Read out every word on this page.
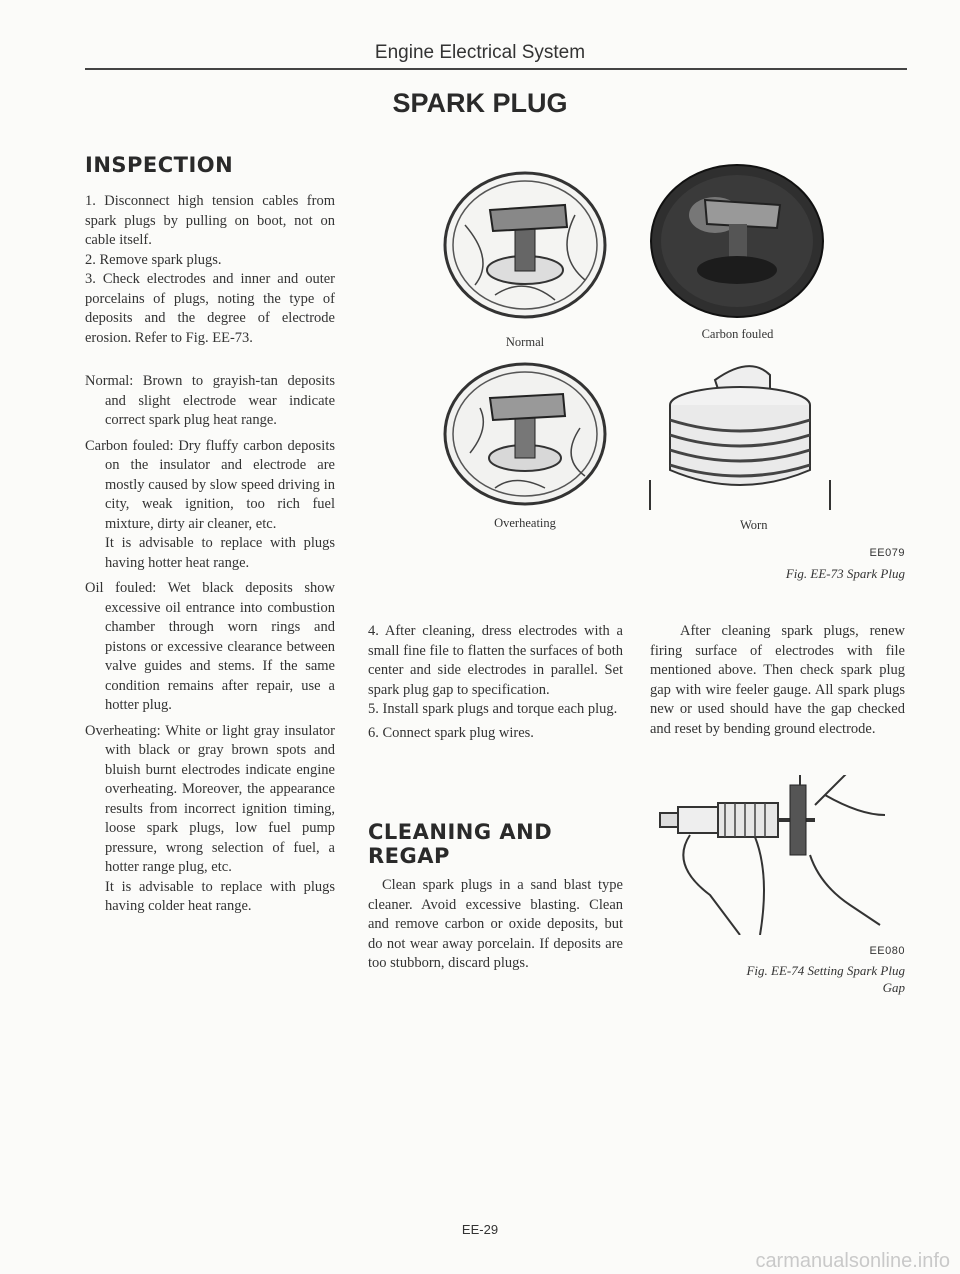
Engine Electrical System
SPARK PLUG
INSPECTION

1. Disconnect high tension cables from spark plugs by pulling on boot, not on cable itself.

2. Remove spark plugs.

3. Check electrodes and inner and outer porcelains of plugs, noting the type of deposits and the degree of electrode erosion. Refer to Fig. EE-73.

Normal: Brown to grayish-tan deposits and slight electrode wear indicate correct spark plug heat range.

Carbon fouled: Dry fluffy carbon deposits on the insulator and electrode are mostly caused by slow speed driving in city, weak ignition, too rich fuel mixture, dirty air cleaner, etc.

It is advisable to replace with plugs having hotter heat range.

Oil fouled: Wet black deposits show excessive oil entrance into combustion chamber through worn rings and pistons or excessive clearance between valve guides and stems. If the same condition remains after repair, use a hotter plug.

Overheating: White or light gray insulator with black or gray brown spots and bluish burnt electrodes indicate engine overheating. Moreover, the appearance results from incorrect ignition timing, loose spark plugs, low fuel pump pressure, wrong selection of fuel, a hotter range plug, etc.

It is advisable to replace with plugs having colder heat range.

Normal
Carbon fouled
Overheating	Worn
EE079
Fig. EE-73 Spark Plug

4. After cleaning, dress electrodes with a small fine file to flatten the surfaces of both center and side electrodes in parallel. Set spark plug gap to specification.

5. Install spark plugs and torque each plug.

6. Connect spark plug wires.

CLEANING AND
REGAP
Clean spark plugs in a sand blast type cleaner. Avoid excessive blasting. Clean and remove carbon or oxide deposits, but do not wear away porcelain. If deposits are too stubborn, discard plugs.
After cleaning spark plugs, renew firing surface of electrodes with file mentioned above. Then check spark plug gap with wire feeler gauge. All spark plugs new or used should have the gap checked and reset by bending ground electrode.
EE080
Fig. EE-74 Setting Spark Plug
Gap
EE-29
carmanualsonline.info
